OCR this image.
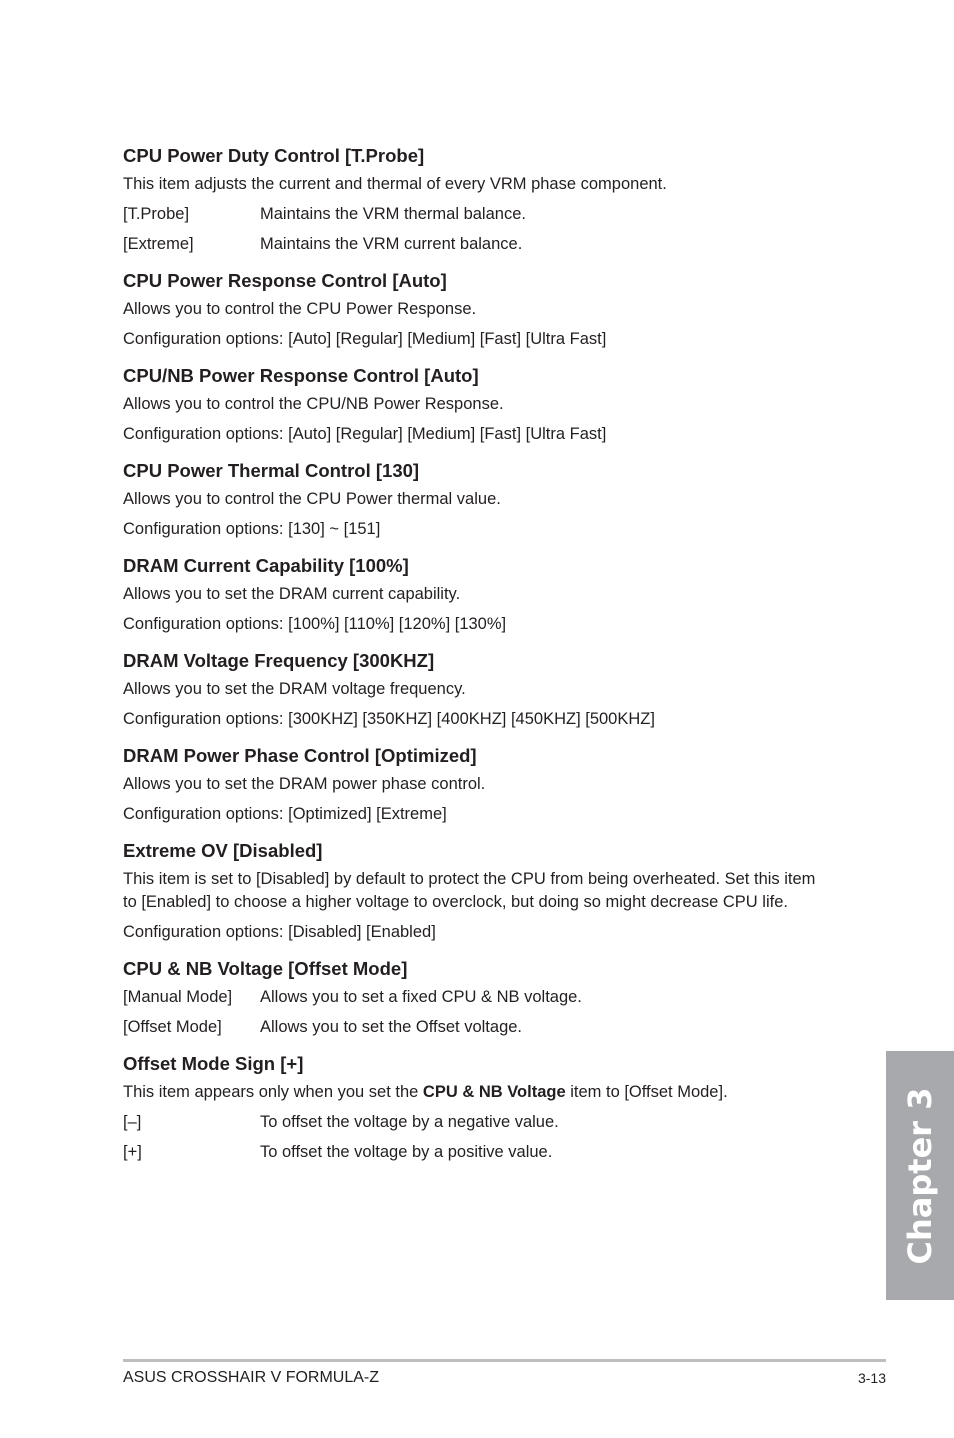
CPU Power Duty Control [T.Probe]
This item adjusts the current and thermal of every VRM phase component.
[T.Probe]	Maintains the VRM thermal balance.
[Extreme]	Maintains the VRM current balance.
CPU Power Response Control [Auto]
Allows you to control the CPU Power Response.
Configuration options: [Auto] [Regular] [Medium] [Fast] [Ultra Fast]
CPU/NB Power Response Control [Auto]
Allows you to control the CPU/NB Power Response.
Configuration options: [Auto] [Regular] [Medium] [Fast] [Ultra Fast]
CPU Power Thermal Control [130]
Allows you to control the CPU Power thermal value.
Configuration options: [130] ~ [151]
DRAM Current Capability [100%]
Allows you to set the DRAM current capability.
Configuration options: [100%] [110%] [120%] [130%]
DRAM Voltage Frequency [300KHZ]
Allows you to set the DRAM voltage frequency.
Configuration options: [300KHZ] [350KHZ] [400KHZ] [450KHZ] [500KHZ]
DRAM Power Phase Control [Optimized]
Allows you to set the DRAM power phase control.
Configuration options: [Optimized] [Extreme]
Extreme OV [Disabled]
This item is set to [Disabled] by default to protect the CPU from being overheated. Set this item to [Enabled] to choose a higher voltage to overclock, but doing so might decrease CPU life.
Configuration options: [Disabled] [Enabled]
CPU & NB Voltage [Offset Mode]
[Manual Mode]	Allows you to set a fixed CPU & NB voltage.
[Offset Mode]	Allows you to set the Offset voltage.
Offset Mode Sign [+]
This item appears only when you set the CPU & NB Voltage item to [Offset Mode].
[–]	To offset the voltage by a negative value.
[+]	To offset the voltage by a positive value.	Chapter 3
ASUS CROSSHAIR V FORMULA-Z	3-13
